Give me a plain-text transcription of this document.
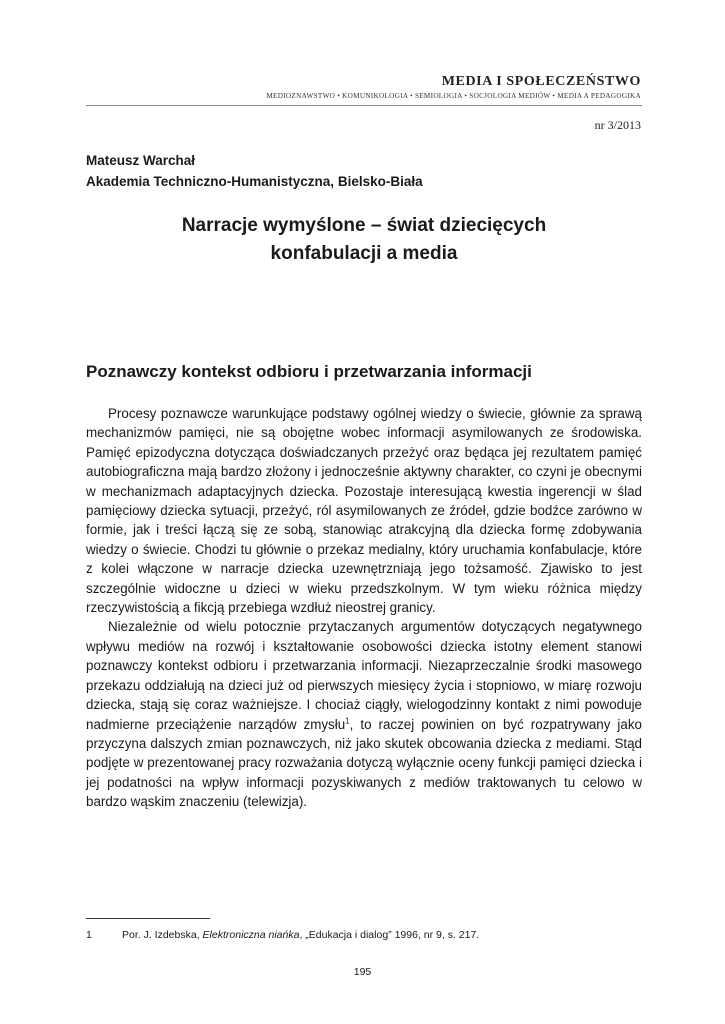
MEDIA I SPOŁECZEŃSTWO
MEDIOZNAWSTWO • KOMUNIKOLOGIA • SEMIOLOGIA • SOCJOLOGIA MEDIÓW • MEDIA A PEDAGOGIKA
nr 3/2013
Mateusz Warchał
Akademia Techniczno-Humanistyczna, Bielsko-Biała
Narracje wymyślone – świat dziecięcych
konfabulacji a media
Poznawczy kontekst odbioru i przetwarzania informacji

Procesy poznawcze warunkujące podstawy ogólnej wiedzy o świecie, głównie za sprawą mechanizmów pamięci, nie są obojętne wobec informacji asymilowanych ze środowiska. Pamięć epizodyczna dotycząca doświadczanych przeżyć oraz będąca jej rezultatem pamięć autobiograficzna mają bardzo złożony i jednocześnie aktywny charakter, co czyni je obecnymi w mechanizmach adaptacyjnych dziecka. Pozostaje interesującą kwestia ingerencji w ślad pamięciowy dziecka sytuacji, przeżyć, ról asymilowanych ze źródeł, gdzie bodźce zarówno w formie, jak i treści łączą się ze sobą, stanowiąc atrakcyjną dla dziecka formę zdobywania wiedzy o świecie. Chodzi tu głównie o przekaz medialny, który uruchamia konfabulacje, które z kolei włączone w narracje dziecka uzewnętrzniają jego tożsamość. Zjawisko to jest szczególnie widoczne u dzieci w wieku przedszkolnym. W tym wieku różnica między rzeczywistością a fikcją przebiega wzdłuż nieostrej granicy.

Niezależnie od wielu potocznie przytaczanych argumentów dotyczących negatywnego wpływu mediów na rozwój i kształtowanie osobowości dziecka istotny element stanowi poznawczy kontekst odbioru i przetwarzania informacji. Niezaprzeczalnie środki masowego przekazu oddziałują na dzieci już od pierwszych miesięcy życia i stopniowo, w miarę rozwoju dziecka, stają się coraz ważniejsze. I chociaż ciągły, wielogodzinny kontakt z nimi powoduje nadmierne przeciążenie narządów zmysłu$^1$, to raczej powinien on być rozpatrywany jako przyczyna dalszych zmian poznawczych, niż jako skutek obcowania dziecka z mediami. Stąd podjęte w prezentowanej pracy rozważania dotyczą wyłącznie oceny funkcji pamięci dziecka i jej podatności na wpływ informacji pozyskiwanych z mediów traktowanych tu celowo w bardzo wąskim znaczeniu (telewizja).

1	Por. J. Izdebska, Elektroniczna niańka, „Edukacja i dialog” 1996, nr 9, s. 217.
195
